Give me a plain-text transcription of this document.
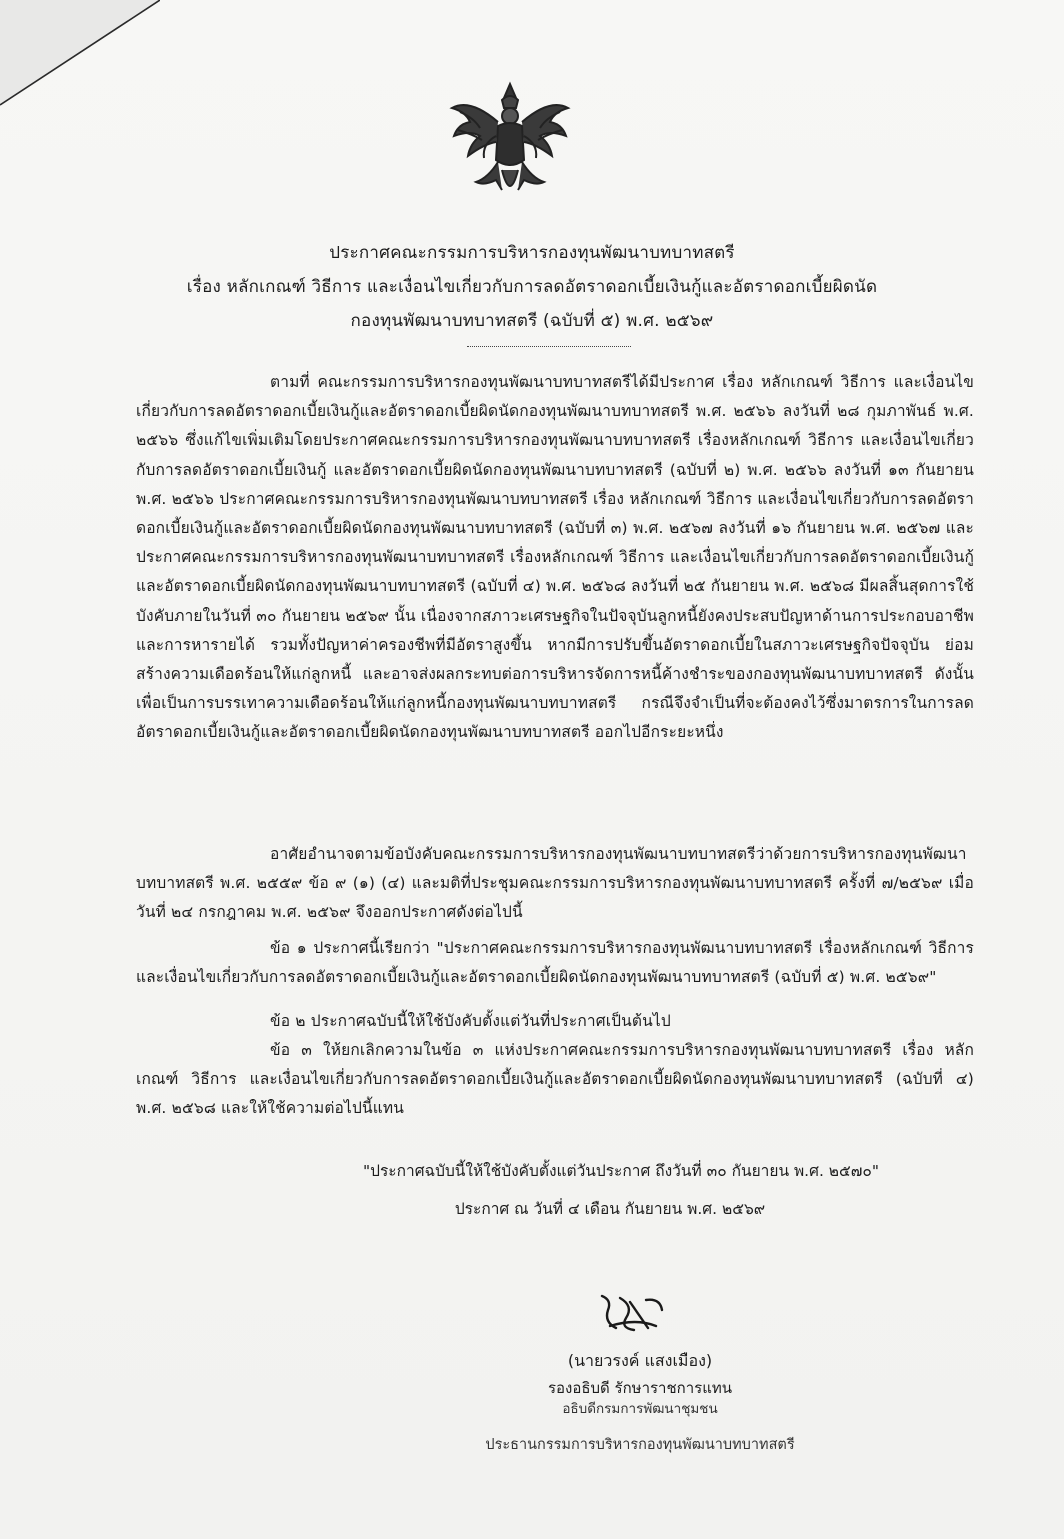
ประกาศคณะกรรมการบริหารกองทุนพัฒนาบทบาทสตรี
เรื่อง หลักเกณฑ์ วิธีการ และเงื่อนไขเกี่ยวกับการลดอัตราดอกเบี้ยเงินกู้และอัตราดอกเบี้ยผิดนัด
กองทุนพัฒนาบทบาทสตรี (ฉบับที่ ๕) พ.ศ. ๒๕๖๙
ตามที่ คณะกรรมการบริหารกองทุนพัฒนาบทบาทสตรีได้มีประกาศ เรื่อง หลักเกณฑ์ วิธีการ และเงื่อนไขเกี่ยวกับการลดอัตราดอกเบี้ยเงินกู้และอัตราดอกเบี้ยผิดนัดกองทุนพัฒนาบทบาทสตรี พ.ศ. ๒๕๖๖ ลงวันที่ ๒๘ กุมภาพันธ์ พ.ศ. ๒๕๖๖ ซึ่งแก้ไขเพิ่มเติมโดยประกาศคณะกรรมการบริหารกองทุนพัฒนาบทบาทสตรี เรื่องหลักเกณฑ์ วิธีการ และเงื่อนไขเกี่ยวกับการลดอัตราดอกเบี้ยเงินกู้ และอัตราดอกเบี้ยผิดนัดกองทุนพัฒนาบทบาทสตรี (ฉบับที่ ๒) พ.ศ. ๒๕๖๖ ลงวันที่ ๑๓ กันยายน พ.ศ. ๒๕๖๖ ประกาศคณะกรรมการบริหารกองทุนพัฒนาบทบาทสตรี เรื่อง หลักเกณฑ์ วิธีการ และเงื่อนไขเกี่ยวกับการลดอัตราดอกเบี้ยเงินกู้และอัตราดอกเบี้ยผิดนัดกองทุนพัฒนาบทบาทสตรี (ฉบับที่ ๓) พ.ศ. ๒๕๖๗ ลงวันที่ ๑๖ กันยายน พ.ศ. ๒๕๖๗ และประกาศคณะกรรมการบริหารกองทุนพัฒนาบทบาทสตรี เรื่องหลักเกณฑ์ วิธีการ และเงื่อนไขเกี่ยวกับการลดอัตราดอกเบี้ยเงินกู้และอัตราดอกเบี้ยผิดนัดกองทุนพัฒนาบทบาทสตรี (ฉบับที่ ๔) พ.ศ. ๒๕๖๘ ลงวันที่ ๒๕ กันยายน พ.ศ. ๒๕๖๘ มีผลสิ้นสุดการใช้บังคับภายในวันที่ ๓๐ กันยายน ๒๕๖๙ นั้น เนื่องจากสภาวะเศรษฐกิจในปัจจุบันลูกหนี้ยังคงประสบปัญหาด้านการประกอบอาชีพ และการหารายได้ รวมทั้งปัญหาค่าครองชีพที่มีอัตราสูงขึ้น หากมีการปรับขึ้นอัตราดอกเบี้ยในสภาวะเศรษฐกิจปัจจุบัน ย่อมสร้างความเดือดร้อนให้แก่ลูกหนี้ และอาจส่งผลกระทบต่อการบริหารจัดการหนี้ค้างชำระของกองทุนพัฒนาบทบาทสตรี ดังนั้น เพื่อเป็นการบรรเทาความเดือดร้อนให้แก่ลูกหนี้กองทุนพัฒนาบทบาทสตรี กรณีจึงจำเป็นที่จะต้องคงไว้ซึ่งมาตรการในการลดอัตราดอกเบี้ยเงินกู้และอัตราดอกเบี้ยผิดนัดกองทุนพัฒนาบทบาทสตรี ออกไปอีกระยะหนึ่ง
อาศัยอำนาจตามข้อบังคับคณะกรรมการบริหารกองทุนพัฒนาบทบาทสตรีว่าด้วยการบริหารกองทุนพัฒนาบทบาทสตรี พ.ศ. ๒๕๕๙ ข้อ ๙ (๑) (๔) และมติที่ประชุมคณะกรรมการบริหารกองทุนพัฒนาบทบาทสตรี ครั้งที่ ๗/๒๕๖๙ เมื่อวันที่ ๒๔ กรกฎาคม พ.ศ. ๒๕๖๙ จึงออกประกาศดังต่อไปนี้
ข้อ ๑ ประกาศนี้เรียกว่า "ประกาศคณะกรรมการบริหารกองทุนพัฒนาบทบาทสตรี เรื่องหลักเกณฑ์ วิธีการ และเงื่อนไขเกี่ยวกับการลดอัตราดอกเบี้ยเงินกู้และอัตราดอกเบี้ยผิดนัดกองทุนพัฒนาบทบาทสตรี (ฉบับที่ ๕) พ.ศ. ๒๕๖๙"
ข้อ ๒ ประกาศฉบับนี้ให้ใช้บังคับตั้งแต่วันที่ประกาศเป็นต้นไป
ข้อ ๓ ให้ยกเลิกความในข้อ ๓ แห่งประกาศคณะกรรมการบริหารกองทุนพัฒนาบทบาทสตรี เรื่อง หลักเกณฑ์ วิธีการ และเงื่อนไขเกี่ยวกับการลดอัตราดอกเบี้ยเงินกู้และอัตราดอกเบี้ยผิดนัดกองทุนพัฒนาบทบาทสตรี (ฉบับที่ ๔) พ.ศ. ๒๕๖๘ และให้ใช้ความต่อไปนี้แทน
"ประกาศฉบับนี้ให้ใช้บังคับตั้งแต่วันประกาศ ถึงวันที่ ๓๐ กันยายน พ.ศ. ๒๕๗๐"
ประกาศ ณ วันที่ ๔ เดือน กันยายน พ.ศ. ๒๕๖๙
(นายวรงค์ แสงเมือง)
รองอธิบดี รักษาราชการแทน
อธิบดีกรมการพัฒนาชุมชน
ประธานกรรมการบริหารกองทุนพัฒนาบทบาทสตรี
